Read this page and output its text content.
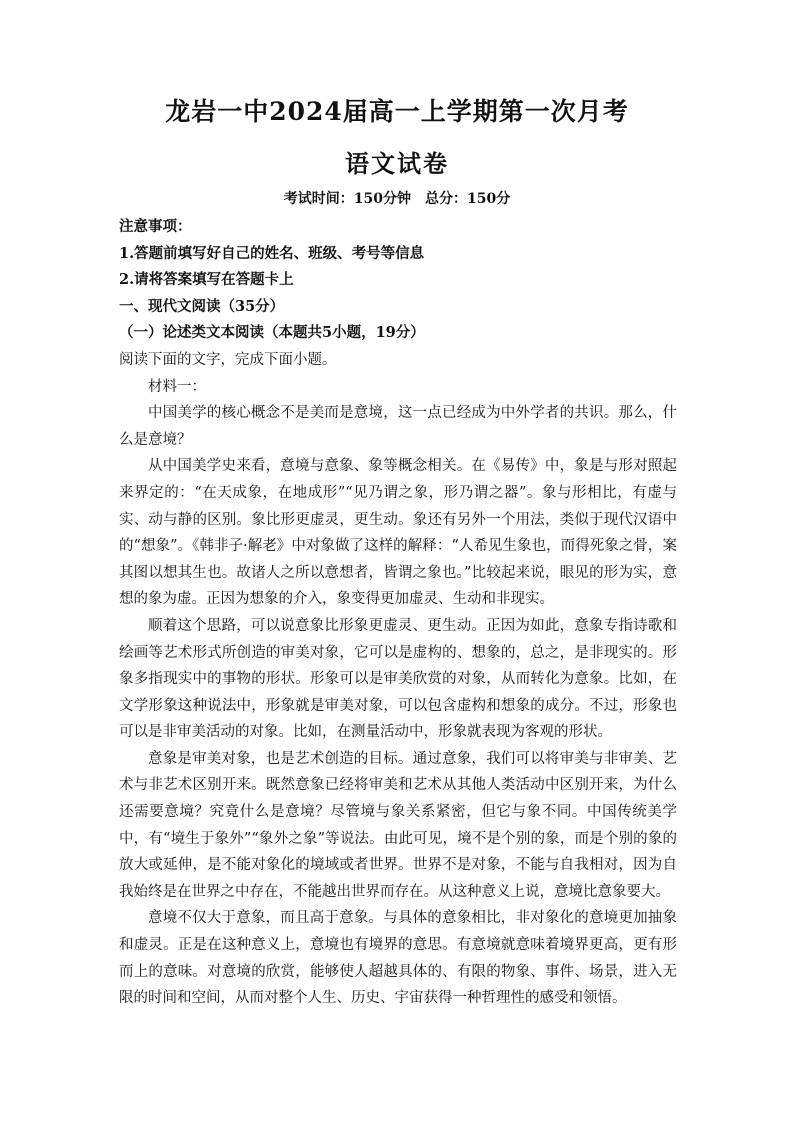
龙岩一中2024届高一上学期第一次月考
语文试卷
考试时间：150分钟　总分：150分
注意事项：
1.答题前填写好自己的姓名、班级、考号等信息
2.请将答案填写在答题卡上
一、现代文阅读（35分）
（一）论述类文本阅读（本题共5小题，19分）
阅读下面的文字，完成下面小题。

材料一：

中国美学的核心概念不是美而是意境，这一点已经成为中外学者的共识。那么，什么是意境？

从中国美学史来看，意境与意象、象等概念相关。在《易传》中，象是与形对照起来界定的：“在天成象，在地成形”“见乃谓之象，形乃谓之器”。象与形相比，有虚与实、动与静的区别。象比形更虚灵，更生动。象还有另外一个用法，类似于现代汉语中的“想象”。《韩非子·解老》中对象做了这样的解释：“人希见生象也，而得死象之骨，案其图以想其生也。故诸人之所以意想者，皆谓之象也。”比较起来说，眼见的形为实，意想的象为虚。正因为想象的介入，象变得更加虚灵、生动和非现实。

顺着这个思路，可以说意象比形象更虚灵、更生动。正因为如此，意象专指诗歌和绘画等艺术形式所创造的审美对象，它可以是虚构的、想象的，总之，是非现实的。形象多指现实中的事物的形状。形象可以是审美欣赏的对象，从而转化为意象。比如，在文学形象这种说法中，形象就是审美对象，可以包含虚构和想象的成分。不过，形象也可以是非审美活动的对象。比如，在测量活动中，形象就表现为客观的形状。

意象是审美对象，也是艺术创造的目标。通过意象，我们可以将审美与非审美、艺术与非艺术区别开来。既然意象已经将审美和艺术从其他人类活动中区别开来，为什么还需要意境？究竟什么是意境？尽管境与象关系紧密，但它与象不同。中国传统美学中，有“境生于象外”“象外之象”等说法。由此可见，境不是个别的象，而是个别的象的放大或延伸，是不能对象化的境域或者世界。世界不是对象，不能与自我相对，因为自我始终是在世界之中存在，不能越出世界而存在。从这种意义上说，意境比意象要大。

意境不仅大于意象，而且高于意象。与具体的意象相比，非对象化的意境更加抽象和虚灵。正是在这种意义上，意境也有境界的意思。有意境就意味着境界更高，更有形而上的意味。对意境的欣赏，能够使人超越具体的、有限的物象、事件、场景，进入无限的时间和空间，从而对整个人生、历史、宇宙获得一种哲理性的感受和领悟。
